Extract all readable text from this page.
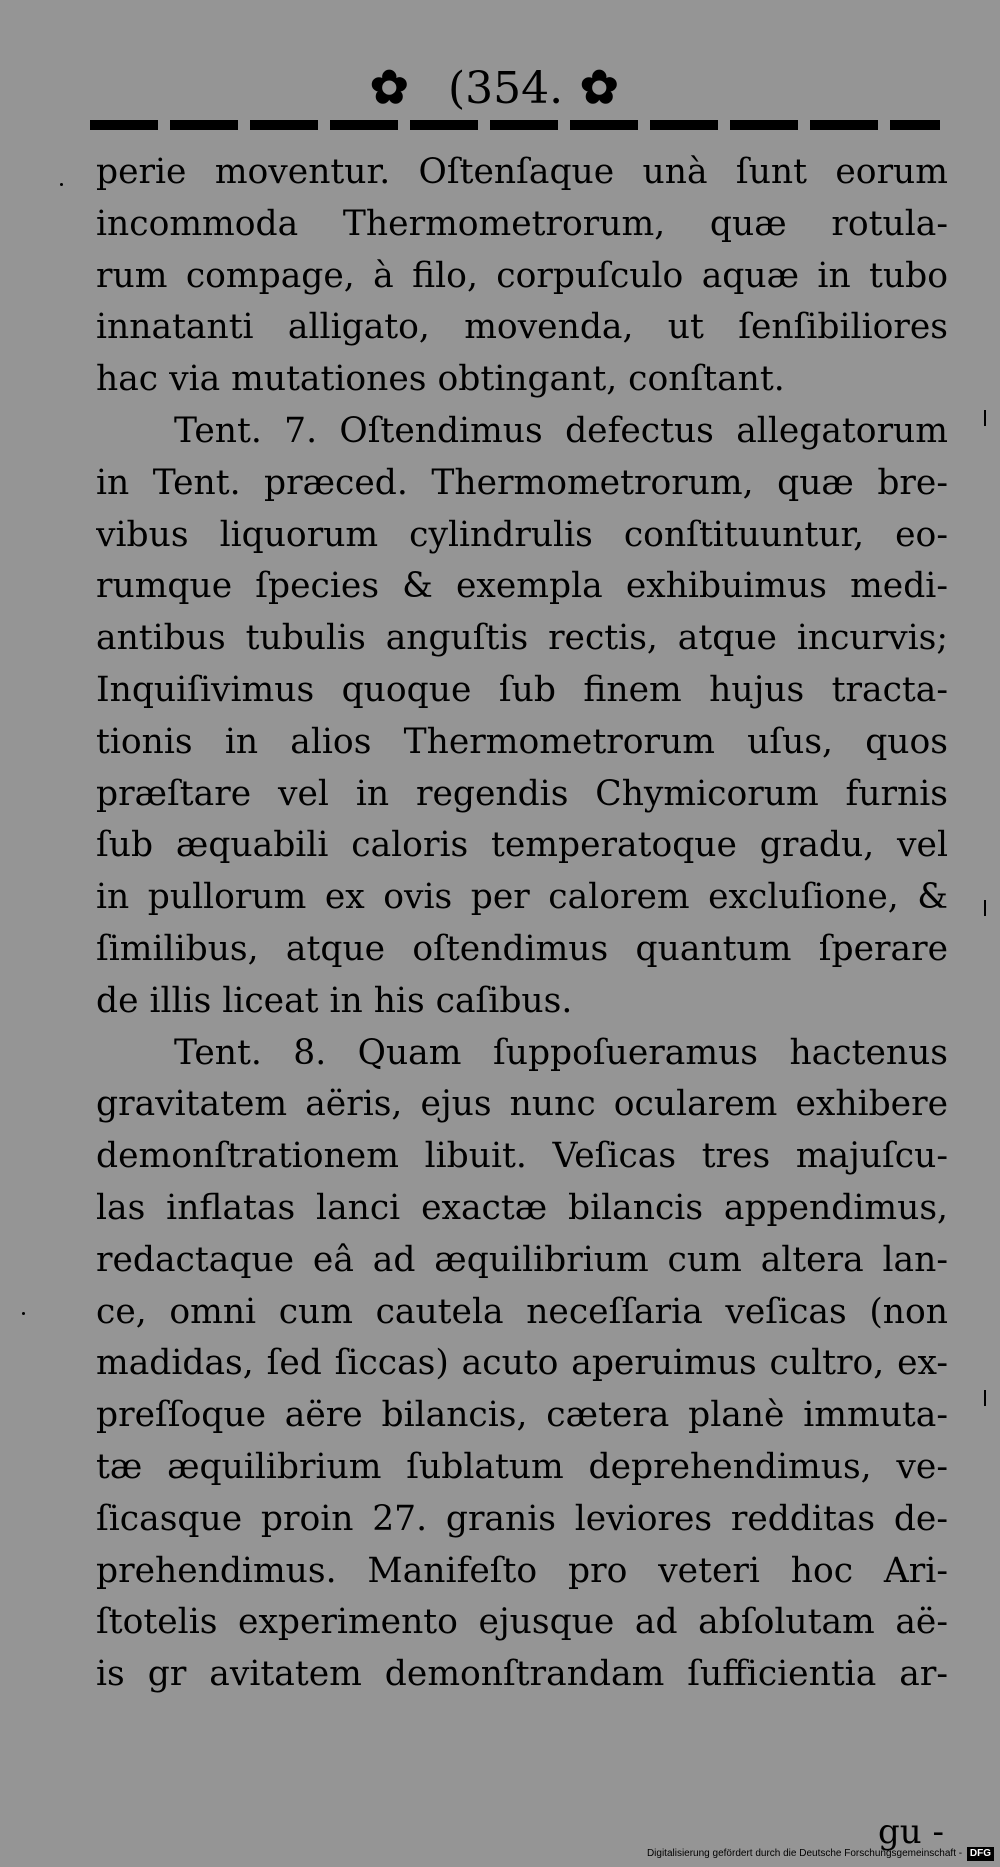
✿ (354. ✿
perie moventur. Oſtenſaque unà ſunt eorum
incommoda Thermometrorum, quæ rotula-
rum compage, à filo, corpuſculo aquæ in tubo
innatanti alligato, movenda, ut ſenſibiliores
hac via mutationes obtingant, conſtant.
Tent. 7. Oſtendimus defectus allegatorum
in Tent. præced. Thermometrorum, quæ bre-
vibus liquorum cylindrulis conſtituuntur, eo-
rumque ſpecies & exempla exhibuimus medi-
antibus tubulis anguſtis rectis, atque incurvis;
Inquiſivimus quoque ſub finem hujus tracta-
tionis in alios Thermometrorum uſus, quos
præſtare vel in regendis Chymicorum furnis
ſub æquabili caloris temperatoque gradu, vel
in pullorum ex ovis per calorem excluſione, &
ſimilibus, atque oſtendimus quantum ſperare
de illis liceat in his caſibus.
Tent. 8. Quam ſuppoſueramus hactenus
gravitatem aëris, ejus nunc ocularem exhibere
demonſtrationem libuit. Veſicas tres majuſcu-
las inflatas lanci exactæ bilancis appendimus,
redactaque eâ ad æquilibrium cum altera lan-
ce, omni cum cautela neceſſaria veſicas (non
madidas, ſed ſiccas) acuto aperuimus cultro, ex-
preſſoque aëre bilancis, cætera planè immuta-
tæ æquilibrium ſublatum deprehendimus, ve-
ſicasque proin 27. granis leviores redditas de-
prehendimus. Manifeſto pro veteri hoc Ari-
ſtotelis experimento ejusque ad abſolutam aë-
is gr avitatem demonſtrandam ſufficientia ar-
gu -
Digitalisierung gefördert durch die Deutsche Forschungsgemeinschaft - DFG
